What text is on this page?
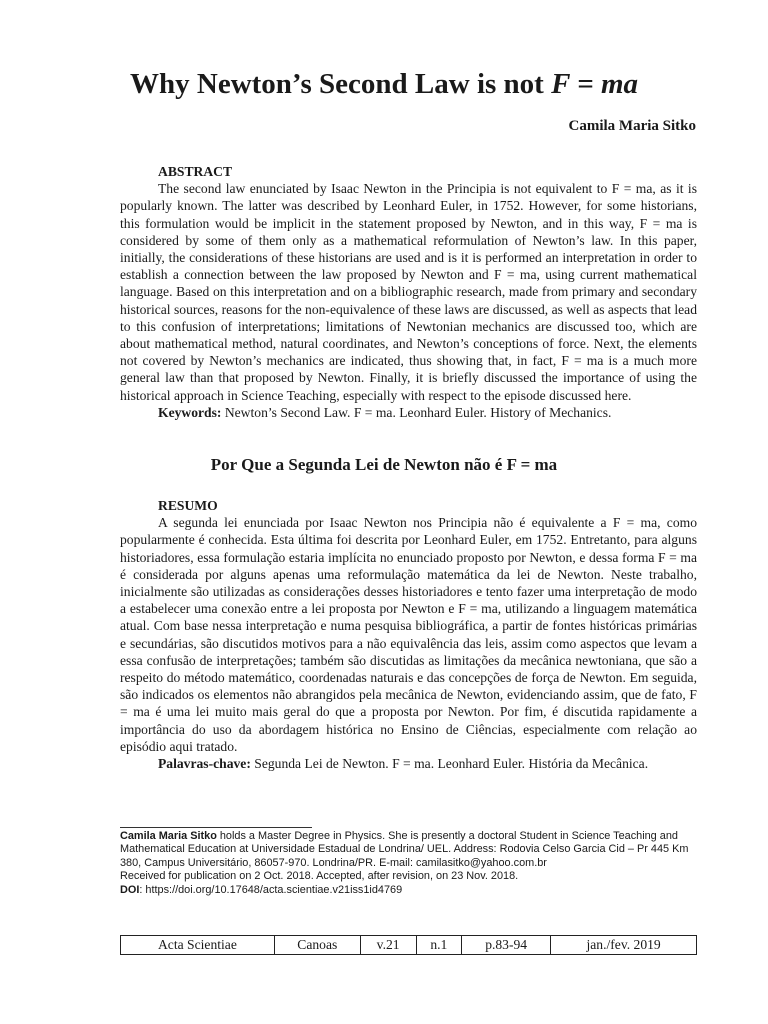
Why Newton’s Second Law is not F = ma
Camila Maria Sitko
ABSTRACT

The second law enunciated by Isaac Newton in the Principia is not equivalent to F = ma, as it is popularly known. The latter was described by Leonhard Euler, in 1752. However, for some historians, this formulation would be implicit in the statement proposed by Newton, and in this way, F = ma is considered by some of them only as a mathematical reformulation of Newton’s law. In this paper, initially, the considerations of these historians are used and is it is performed an interpretation in order to establish a connection between the law proposed by Newton and F = ma, using current mathematical language. Based on this interpretation and on a bibliographic research, made from primary and secondary historical sources, reasons for the non-equivalence of these laws are discussed, as well as aspects that lead to this confusion of interpretations; limitations of Newtonian mechanics are discussed too, which are about mathematical method, natural coordinates, and Newton’s conceptions of force. Next, the elements not covered by Newton’s mechanics are indicated, thus showing that, in fact, F = ma is a much more general law than that proposed by Newton. Finally, it is briefly discussed the importance of using the historical approach in Science Teaching, especially with respect to the episode discussed here.

Keywords: Newton’s Second Law. F = ma. Leonhard Euler. History of Mechanics.

Por Que a Segunda Lei de Newton não é F = ma
RESUMO

A segunda lei enunciada por Isaac Newton nos Principia não é equivalente a F = ma, como popularmente é conhecida. Esta última foi descrita por Leonhard Euler, em 1752. Entretanto, para alguns historiadores, essa formulação estaria implícita no enunciado proposto por Newton, e dessa forma F = ma é considerada por alguns apenas uma reformulação matemática da lei de Newton. Neste trabalho, inicialmente são utilizadas as considerações desses historiadores e tento fazer uma interpretação de modo a estabelecer uma conexão entre a lei proposta por Newton e F = ma, utilizando a linguagem matemática atual. Com base nessa interpretação e numa pesquisa bibliográfica, a partir de fontes históricas primárias e secundárias, são discutidos motivos para a não equivalência das leis, assim como aspectos que levam a essa confusão de interpretações; também são discutidas as limitações da mecânica newtoniana, que são a respeito do método matemático, coordenadas naturais e das concepções de força de Newton. Em seguida, são indicados os elementos não abrangidos pela mecânica de Newton, evidenciando assim, que de fato, F = ma é uma lei muito mais geral do que a proposta por Newton. Por fim, é discutida rapidamente a importância do uso da abordagem histórica no Ensino de Ciências, especialmente com relação ao episódio aqui tratado.

Palavras-chave: Segunda Lei de Newton. F = ma. Leonhard Euler. História da Mecânica.

Camila Maria Sitko holds a Master Degree in Physics. She is presently a doctoral Student in Science Teaching and Mathematical Education at Universidade Estadual de Londrina/ UEL. Address: Rodovia Celso Garcia Cid – Pr 445 Km 380, Campus Universitário, 86057-970. Londrina/PR. E-mail: camilasitko@yahoo.com.br
Received for publication on 2 Oct. 2018. Accepted, after revision, on 23 Nov. 2018.
DOI: https://doi.org/10.17648/acta.scientiae.v21iss1id4769
Acta Scientiae	Canoas	v.21	n.1	p.83-94	jan./fev. 2019
